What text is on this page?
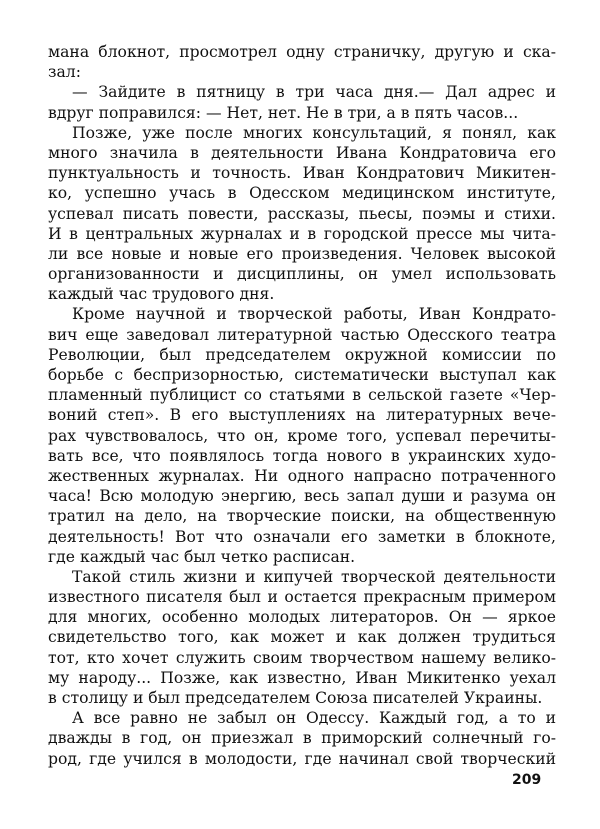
мана блокнот, просмотрел одну страничку, другую и ска-
зал:
— Зайдите в пятницу в три часа дня.— Дал адрес и
вдруг поправился: — Нет, нет. Не в три, а в пять часов...
Позже, уже после многих консультаций, я понял, как
много значила в деятельности Ивана Кондратовича его
пунктуальность и точность. Иван Кондратович Микитен-
ко, успешно учась в Одесском медицинском институте,
успевал писать повести, рассказы, пьесы, поэмы и стихи.
И в центральных журналах и в городской прессе мы чита-
ли все новые и новые его произведения. Человек высокой
организованности и дисциплины, он умел использовать
каждый час трудового дня.
Кроме научной и творческой работы, Иван Кондрато-
вич еще заведовал литературной частью Одесского театра
Революции, был председателем окружной комиссии по
борьбе с беспризорностью, систематически выступал как
пламенный публицист со статьями в сельской газете «Чер-
воний степ». В его выступлениях на литературных вече-
рах чувствовалось, что он, кроме того, успевал перечиты-
вать все, что появлялось тогда нового в украинских худо-
жественных журналах. Ни одного напрасно потраченного
часа! Всю молодую энергию, весь запал души и разума он
тратил на дело, на творческие поиски, на общественную
деятельность! Вот что означали его заметки в блокноте,
где каждый час был четко расписан.
Такой стиль жизни и кипучей творческой деятельности
известного писателя был и остается прекрасным примером
для многих, особенно молодых литераторов. Он — яркое
свидетельство того, как может и как должен трудиться
тот, кто хочет служить своим творчеством нашему велико-
му народу... Позже, как известно, Иван Микитенко уехал
в столицу и был председателем Союза писателей Украины.
А все равно не забыл он Одессу. Каждый год, а то и
дважды в год, он приезжал в приморский солнечный го-
род, где учился в молодости, где начинал свой творческий
209
